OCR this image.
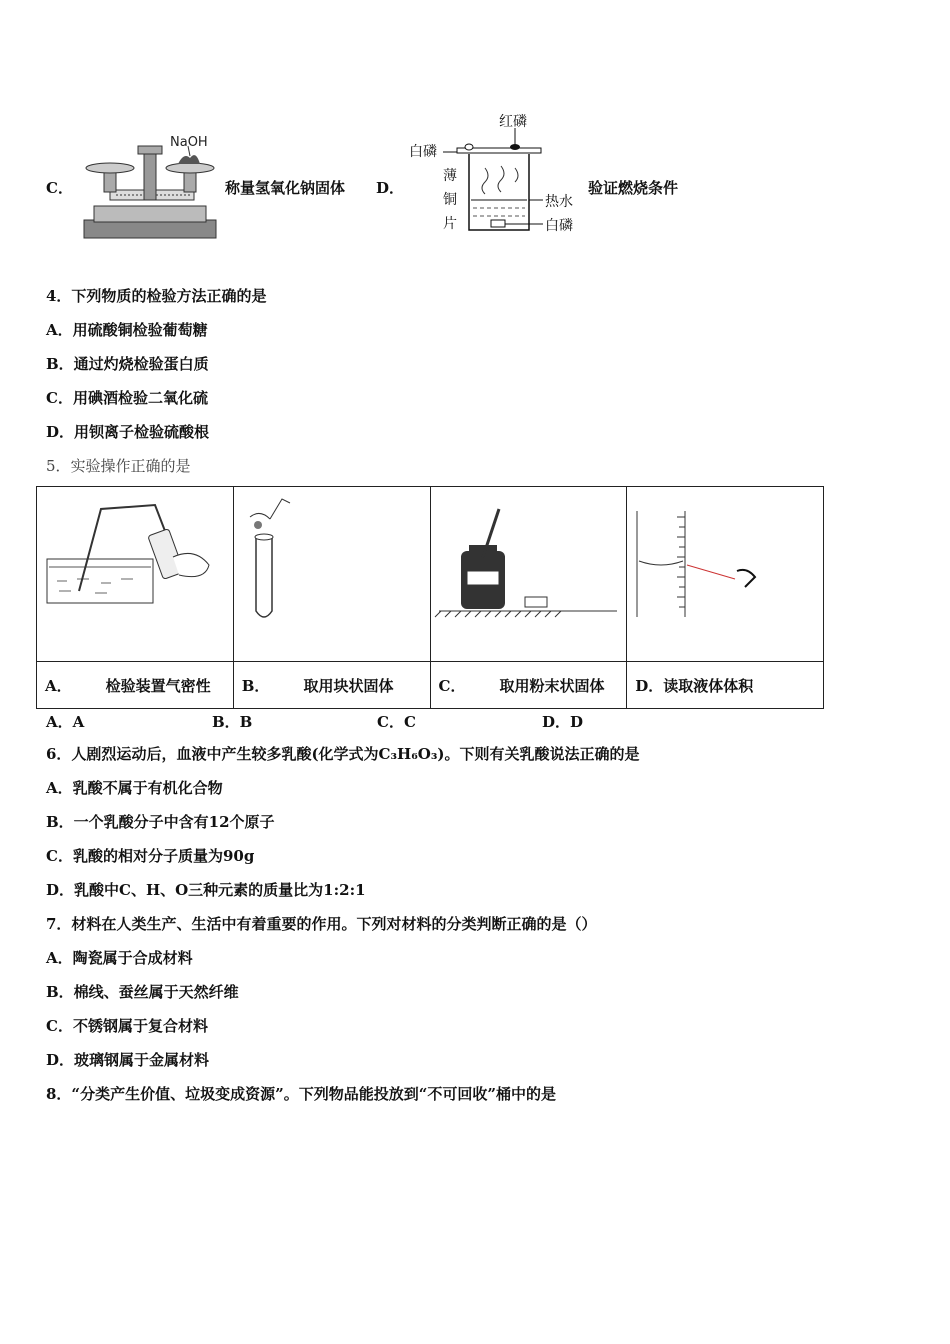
C．
NaOH
称量氢氧化钠固体 D．
红磷
白磷
薄
铜
片
热水
白磷
验证燃烧条件
4．下列物质的检验方法正确的是
A．用硫酸铜检验葡萄糖
B．通过灼烧检验蛋白质
C．用碘酒检验二氧化硫
D．用钡离子检验硫酸根
5．实验操作正确的是

A． 检验装置气密性	B． 取用块状固体	C． 取用粉末状固体	D．读取液体体积
A．A	B．B	C．C	D．D
6．人剧烈运动后，血液中产生较多乳酸(化学式为C₃H₆O₃)。下则有关乳酸说法正确的是
A．乳酸不属于有机化合物
B．一个乳酸分子中含有12个原子
C．乳酸的相对分子质量为90g
D．乳酸中C、H、O三种元素的质量比为1:2:1
7．材料在人类生产、生活中有着重要的作用。下列对材料的分类判断正确的是（）
A．陶瓷属于合成材料
B．棉线、蚕丝属于天然纤维
C．不锈钢属于复合材料
D．玻璃钢属于金属材料
8．“分类产生价值、垃圾变成资源”。下列物品能投放到“不可回收”桶中的是
